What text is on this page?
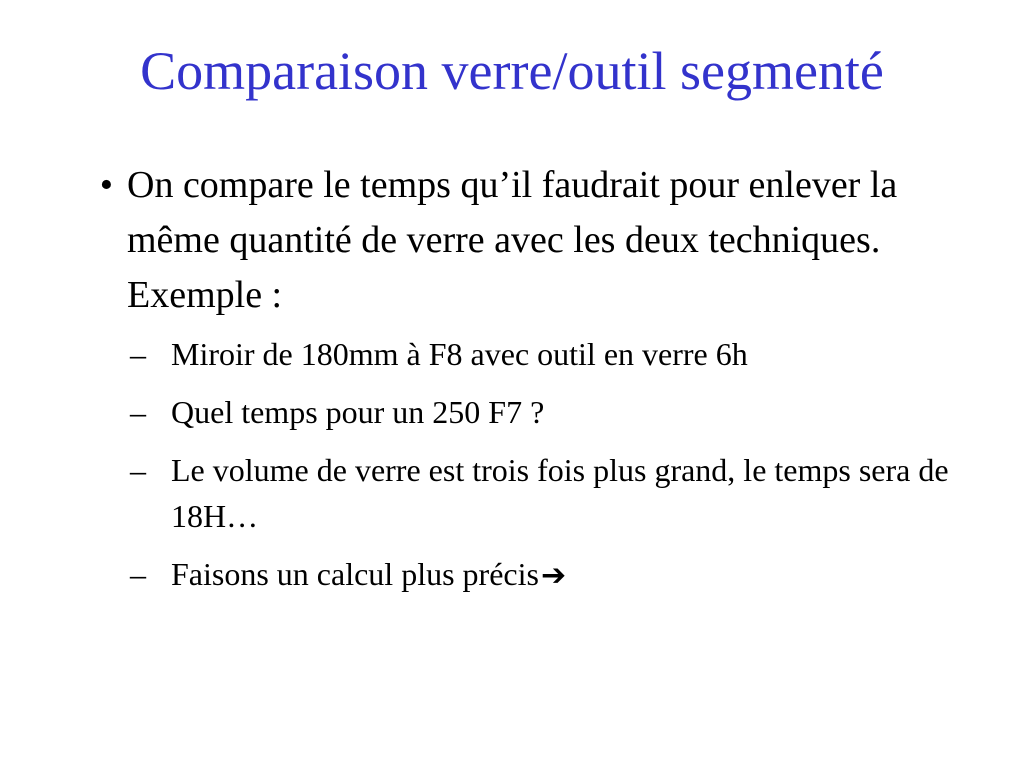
Comparaison verre/outil segmenté
• On compare le temps qu’il faudrait pour enlever la même quantité de verre avec les deux techniques. Exemple :
– Miroir de 180mm à F8 avec outil en verre 6h
– Quel temps pour un 250 F7 ?
– Le volume de verre est trois fois plus grand, le temps sera de 18H…
– Faisons un calcul plus précis➔
